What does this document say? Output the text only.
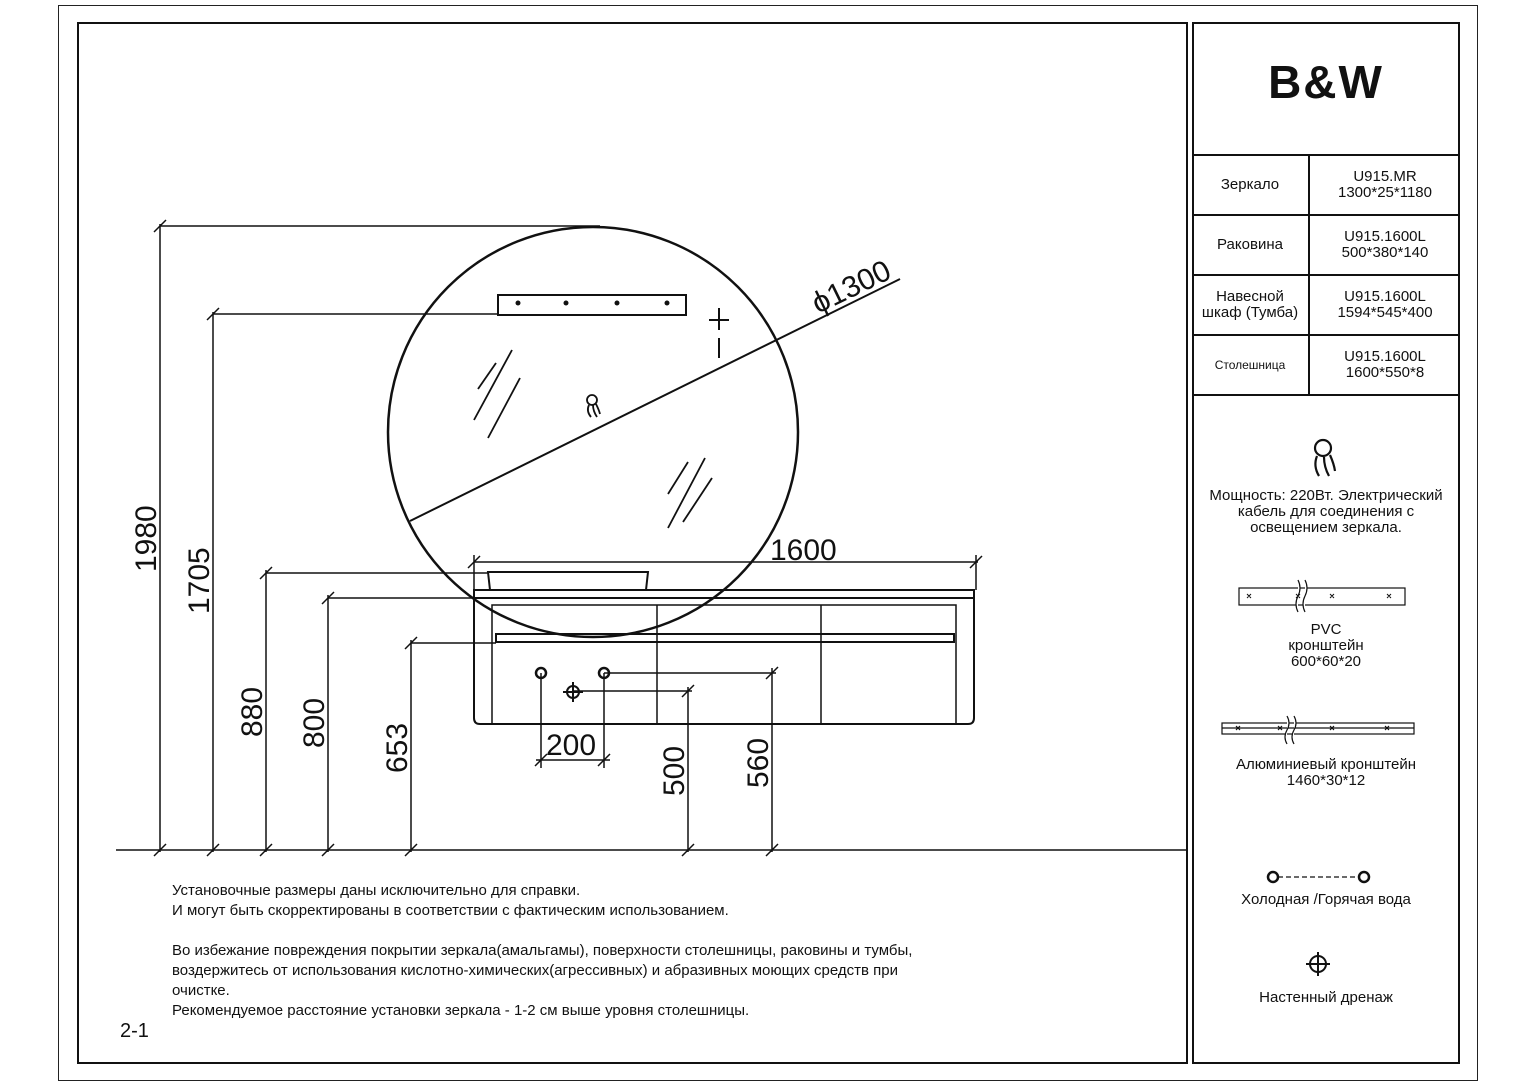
ϕ1300
1600
1980
1705
880 800 653	200
500 560
B&W
Зеркало	U915.MR
1300*25*1180

Раковина	U915.1600L
500*380*140

Навесной шкаф (Тумба)	U915.1600L
1594*545*400

Столешница	U915.1600L
1600*550*8
Мощность: 220Вт. Электрический кабель для соединения с освещением зеркала.
PVC кронштейн 600*60*20
Алюминиевый кронштейн 1460*30*12
Холодная /Горячая вода
Настенный дренаж

Установочные размеры даны исключительно для справки.

И могут быть скорректированы в соответствии с фактическим использованием.

Во избежание повреждения покрытии зеркала(амальгамы), поверхности столешницы, раковины и тумбы,

воздержитесь от использования кислотно-химических(агрессивных) и абразивных моющих средств при

очистке.

Рекомендуемое расстояние установки зеркала - 1-2 см выше уровня столешницы.

2-1
